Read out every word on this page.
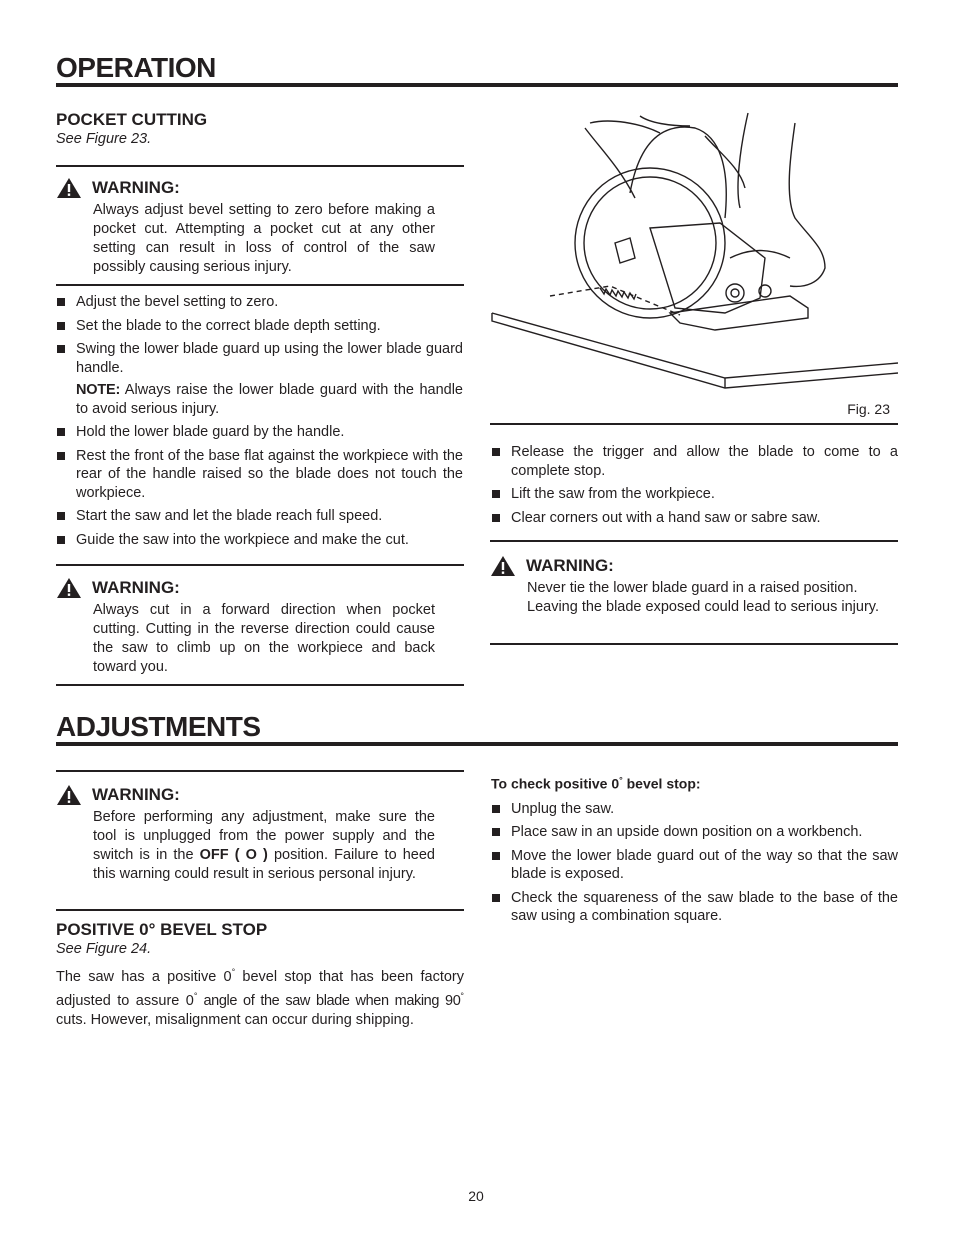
OPERATION
POCKET CUTTING
See Figure 23.
WARNING:
Always adjust bevel setting to zero before making a pocket cut. Attempting a pocket cut at any other setting can result in loss of control of the saw possibly causing serious injury.
Adjust the bevel setting to zero.
Set the blade to the correct blade depth setting.
Swing the lower blade guard up using the lower blade guard handle.
NOTE: Always raise the lower blade guard with the handle to avoid serious injury.
Hold the lower blade guard by the handle.
Rest the front of the base flat against the workpiece with the rear of the handle raised so the blade does not touch the workpiece.
Start the saw and let the blade reach full speed.
Guide the saw into the workpiece and make the cut.
WARNING:
Always cut in a forward direction when pocket cutting. Cutting in the reverse direction could cause the saw to climb up on the workpiece and back toward you.
Fig. 23
Release the trigger and allow the blade to come to a complete stop.
Lift the saw from the workpiece.
Clear corners out with a hand saw or sabre saw.
WARNING:
Never tie the lower blade guard in a raised position. Leaving the blade exposed could lead to serious injury.
ADJUSTMENTS
WARNING:
Before performing any adjustment, make sure the tool is unplugged from the power supply and the switch is in the OFF ( O ) position. Failure to heed this warning could result in serious personal injury.
POSITIVE 0° BEVEL STOP
See Figure 24.
The saw has a positive 0° bevel stop that has been factory adjusted to assure 0° angle of the saw blade when making 90° cuts. However, misalignment can occur during shipping.
To check positive 0° bevel stop:
Unplug the saw.
Place saw in an upside down position on a workbench.
Move the lower blade guard out of the way so that the saw blade is exposed.
Check the squareness of the saw blade to the base of the saw using a combination square.
20
